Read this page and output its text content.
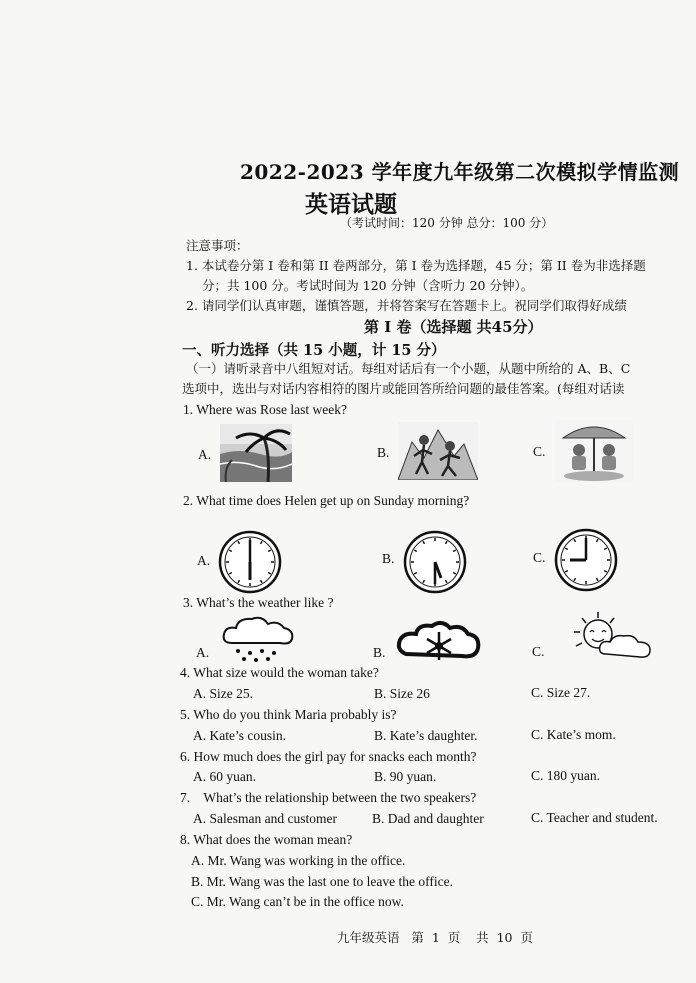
2022-2023 学年度九年级第二次模拟学情监测
英语试题
（考试时间：120 分钟 总分：100 分）
注意事项：
1. 本试卷分第 I 卷和第 II 卷两部分，第 I 卷为选择题，45 分；第 II 卷为非选择题
分；共 100 分。考试时间为 120 分钟（含听力 20 分钟）。
2. 请同学们认真审题，谨慎答题，并将答案写在答题卡上。祝同学们取得好成绩
第 I 卷（选择题 共45分）
一、听力选择（共 15 小题，计 15 分）
（一）请听录音中八组短对话。每组对话后有一个小题，从题中所给的 A、B、C
选项中，选出与对话内容相符的图片或能回答所给问题的最佳答案。(每组对话读
1. Where was Rose last week?
A.	B.	C.
2. What time does Helen get up on Sunday morning?
A.	B.	C.
3. What’s the weather like ?
A.	B.	C.
4. What size would the woman take?
A. Size 25.	B. Size 26	C. Size 27.
5. Who do you think Maria probably is?
A. Kate’s cousin.	B. Kate’s daughter.	C. Kate’s mom.
6. How much does the girl pay for snacks each month?
A. 60 yuan.	B. 90 yuan.	C. 180 yuan.
7.    What’s the relationship between the two speakers?
A. Salesman and customer	B. Dad and daughter	C. Teacher and student.
8. What does the woman mean?
A. Mr. Wang was working in the office.
B. Mr. Wang was the last one to leave the office.
C. Mr. Wang can’t be in the office now.
九年级英语   第  1  页    共  10  页
